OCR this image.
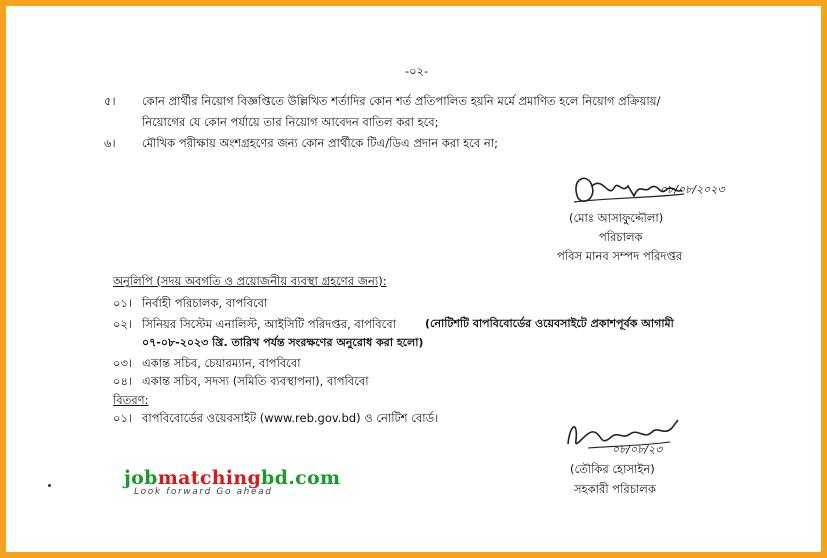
-০২-
৫। কোন প্রার্থীর নিয়োগ বিজ্ঞপ্তিতে উল্লিখিত শর্তাদির কোন শর্ত প্রতিপালিত হয়নি মর্মে প্রমাণিত হলে নিয়োগ প্রক্রিয়ায়/
নিয়োগের যে কোন পর্যায়ে তার নিয়োগ আবেদন বাতিল করা হবে;
৬। মৌখিক পরীক্ষায় অংশগ্রহণের জন্য কোন প্রার্থীকে টিএ/ডিএ প্রদান করা হবে না;
০৮/০৮/২০২৩
(মোঃ আসাফুদ্দৌলা)
পরিচালক
পবিস মানব সম্পদ পরিদপ্তর
অনুলিপি (সদয় অবগতি ও প্রয়োজনীয় ব্যবস্থা গ্রহণের জন্য):
০১। নির্বাহী পরিচালক, বাপবিবো
০২। সিনিয়র সিস্টেম এনালিস্ট, আইসিটি পরিদপ্তর, বাপবিবো	(নোটিশটি বাপবিবোর্ডের ওয়েবসাইটে প্রকাশপূর্বক আগামী
০৭-০৮-২০২৩ খ্রি. তারিখ পর্যন্ত সংরক্ষণের অনুরোধ করা হলো)
০৩। একান্ত সচিব, চেয়ারম্যান, বাপবিবো
০৪। একান্ত সচিব, সদস্য (সমিতি ব্যবস্থাপনা), বাপবিবো
বিতরণ:
০১। বাপবিবোর্ডের ওয়েবসাইট (www.reb.gov.bd) ও নোটিশ বোর্ড।
০৮/০৮/২৩
(তৌকির হোসাইন)
সহকারী পরিচালক
jobmatchingbd.com
Look forward Go ahead
